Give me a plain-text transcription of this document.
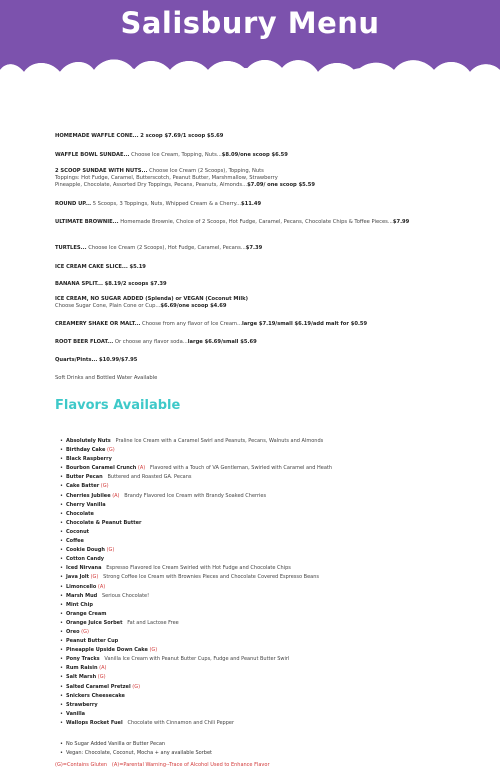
Salisbury Menu
HOMEMADE WAFFLE CONE... 2 scoop $7.69/1 scoop $5.69
WAFFLE BOWL SUNDAE... Choose Ice Cream, Topping, Nuts...$8.09/one scoop $6.59
2 SCOOP SUNDAE WITH NUTS... Choose Ice Cream (2 Scoops), Topping, Nuts
Toppings: Hot Fudge, Caramel, Butterscotch, Peanut Butter, Marshmallow, Strawberry
Pineapple, Chocolate, Assorted Dry Toppings, Pecans, Peanuts, Almonds...$7.09/ one scoop $5.59
ROUND UP... 5 Scoops, 3 Toppings, Nuts, Whipped Cream & a Cherry...$11.49
ULTIMATE BROWNIE... Homemade Brownie, Choice of 2 Scoops, Hot Fudge, Caramel, Pecans, Chocolate Chips & Toffee Pieces...$7.99
TURTLES... Choose Ice Cream (2 Scoops), Hot Fudge, Caramel, Pecans...$7.39
ICE CREAM CAKE SLICE... $5.19
BANANA SPLIT... $8.19/2 scoops $7.39
ICE CREAM, NO SUGAR ADDED (Splenda) or VEGAN (Coconut Milk)
Choose Sugar Cone, Plain Cone or Cup...$6.69/one scoop $4.69
CREAMERY SHAKE OR MALT... Choose from any flavor of Ice Cream...large $7.19/small $6.19/add malt for $0.59
ROOT BEER FLOAT... Or choose any flavor soda...large $6.69/small $5.69
Quarts/Pints... $10.99/$7.95
Soft Drinks and Bottled Water Available
Flavors Available
• Absolutely Nuts Praline Ice Cream with a Caramel Swirl and Peanuts, Pecans, Walnuts and Almonds
• Birthday Cake (G)
• Black Raspberry
• Bourbon Caramel Crunch (A) Flavored with a Touch of VA Gentleman, Swirled with Caramel and Heath
• Butter Pecan Buttered and Roasted GA. Pecans
• Cake Batter (G)
• Cherries Jubilee (A) Brandy Flavored Ice Cream with Brandy Soaked Cherries
• Cherry Vanilla
• Chocolate
• Chocolate & Peanut Butter
• Coconut
• Coffee
• Cookie Dough (G)
• Cotton Candy
• Iced Nirvana Espresso Flavored Ice Cream Swirled with Hot Fudge and Chocolate Chips
• Java Jolt (G) Strong Coffee Ice Cream with Brownies Pieces and Chocolate Covered Espresso Beans
• Limoncello (A)
• Marsh Mud Serious Chocolate!
• Mint Chip
• Orange Cream
• Orange Juice Sorbet Fat and Lactose Free
• Oreo (G)
• Peanut Butter Cup
• Pineapple Upside Down Cake (G)
• Pony Tracks Vanilla Ice Cream with Peanut Butter Cups, Fudge and Peanut Butter Swirl
• Rum Raisin (A)
• Salt Marsh (G)
• Salted Caramel Pretzel (G)
• Snickers Cheesecake
• Strawberry
• Vanilla
• Wallops Rocket Fuel Chocolate with Cinnamon and Chili Pepper
• No Sugar Added Vanilla or Butter Pecan
• Vegan: Chocolate, Coconut, Mocha + any available Sorbet
(G)=Contains Gluten (A)=Parental Warning--Trace of Alcohol Used to Enhance Flavor
